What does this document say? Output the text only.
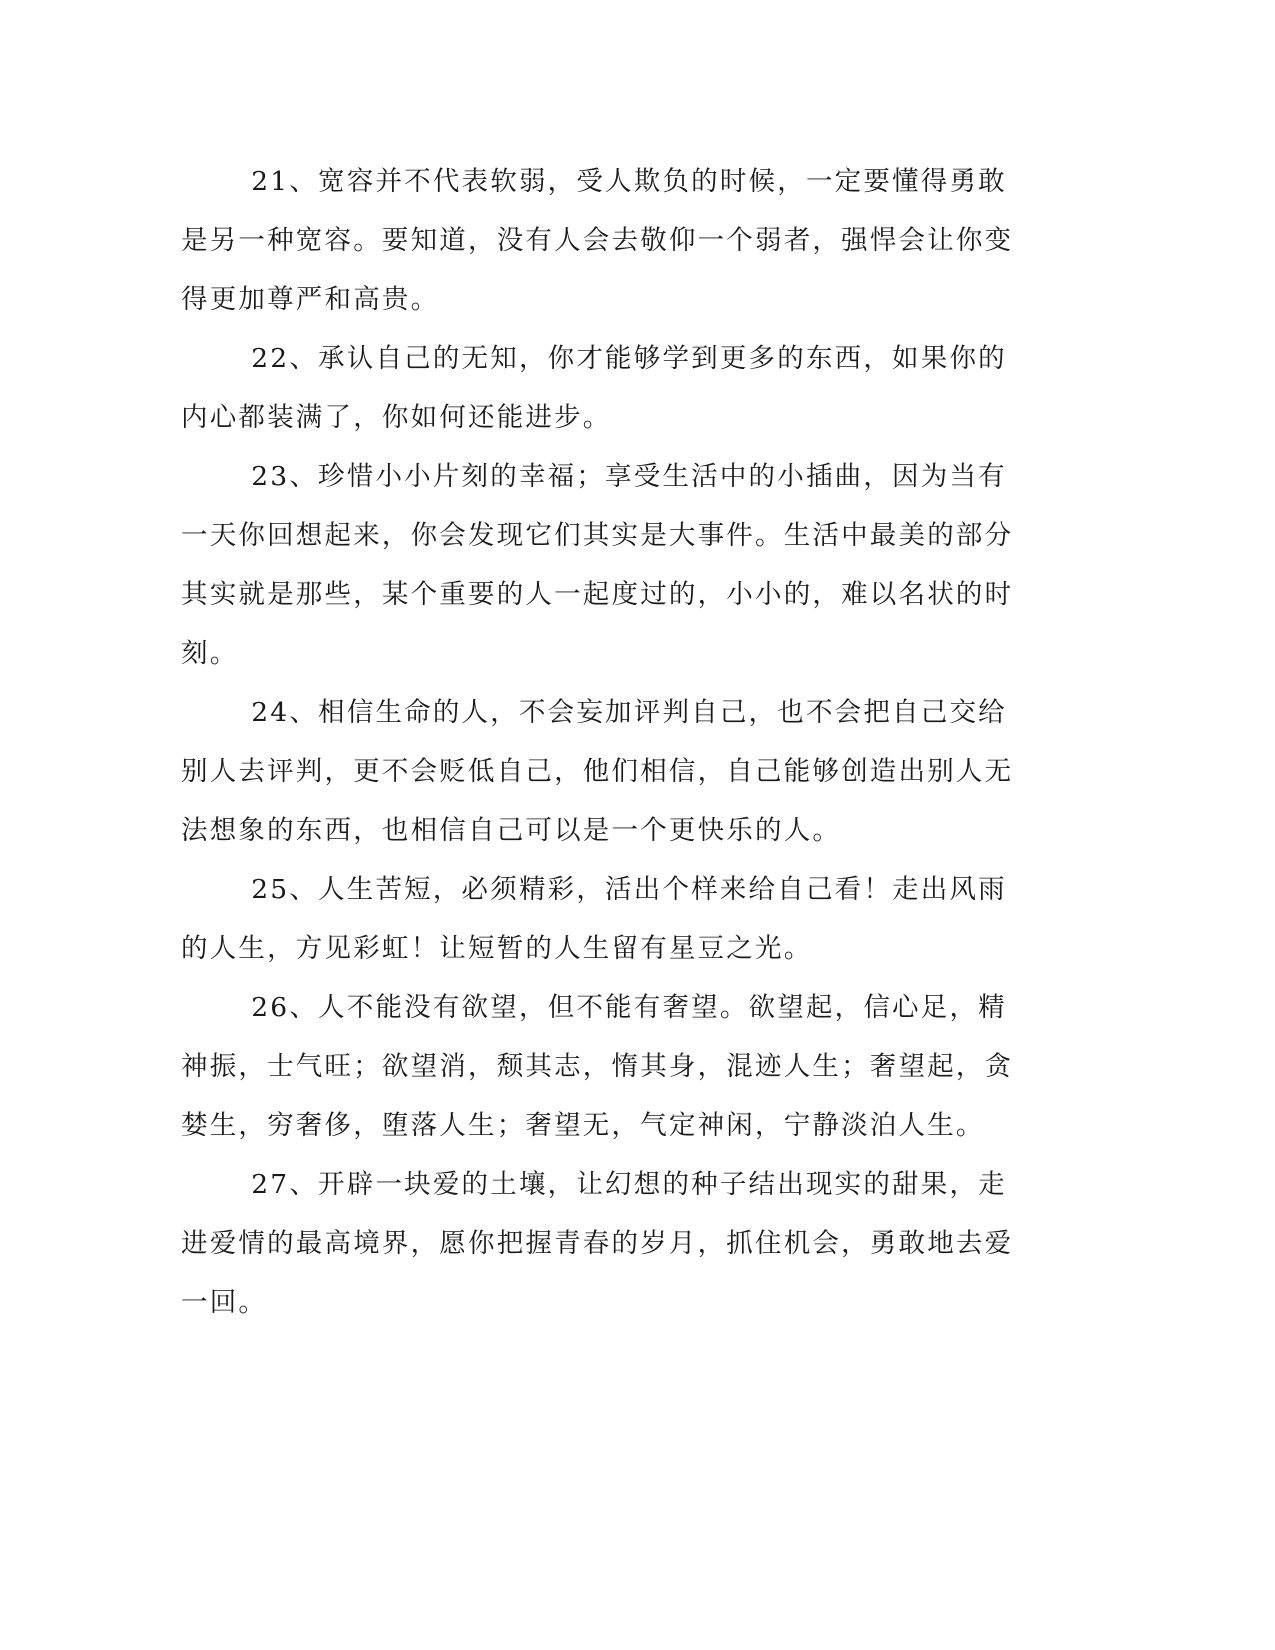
21、宽容并不代表软弱，受人欺负的时候，一定要懂得勇敢是另一种宽容。要知道，没有人会去敬仰一个弱者，强悍会让你变得更加尊严和高贵。

22、承认自己的无知，你才能够学到更多的东西，如果你的内心都装满了，你如何还能进步。

23、珍惜小小片刻的幸福；享受生活中的小插曲，因为当有一天你回想起来，你会发现它们其实是大事件。生活中最美的部分其实就是那些，某个重要的人一起度过的，小小的，难以名状的时刻。

24、相信生命的人，不会妄加评判自己，也不会把自己交给别人去评判，更不会贬低自己，他们相信，自己能够创造出别人无法想象的东西，也相信自己可以是一个更快乐的人。

25、人生苦短，必须精彩，活出个样来给自己看！走出风雨的人生，方见彩虹！让短暂的人生留有星豆之光。

26、人不能没有欲望，但不能有奢望。欲望起，信心足，精神振，士气旺；欲望消，颓其志，惰其身，混迹人生；奢望起，贪婪生，穷奢侈，堕落人生；奢望无，气定神闲，宁静淡泊人生。

27、开辟一块爱的土壤，让幻想的种子结出现实的甜果，走进爱情的最高境界，愿你把握青春的岁月，抓住机会，勇敢地去爱一回。
